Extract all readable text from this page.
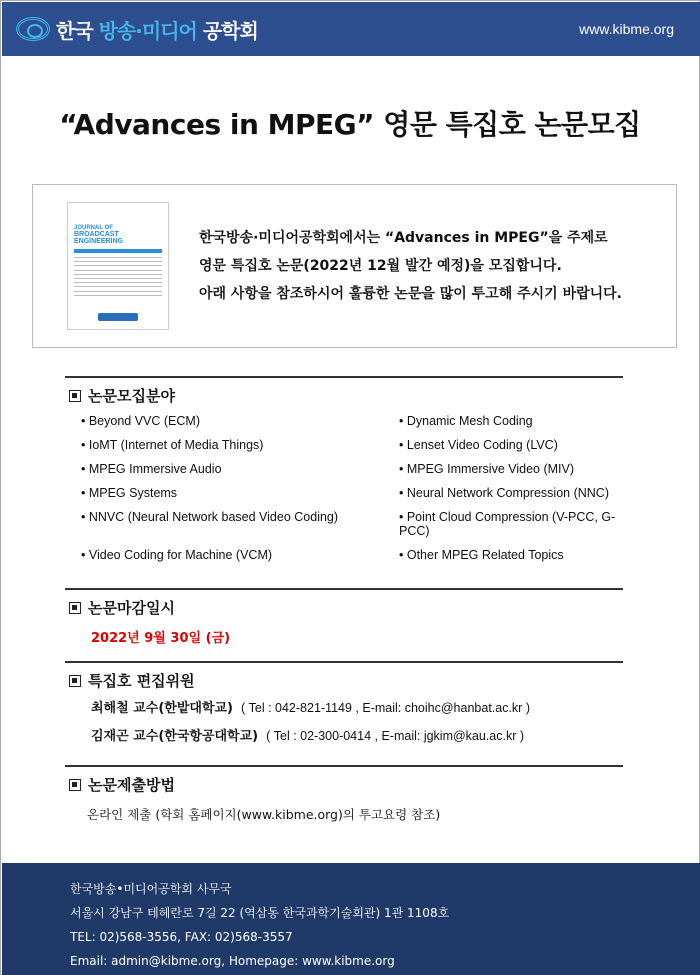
한국 방송·미디어 공학회	www.kibme.org
“Advances in MPEG” 영문 특집호 논문모집
JOURNAL OF
BROADCAST ENGINEERING	한국방송·미디어공학회에서는 “Advances in MPEG”을 주제로
영문 특집호 논문(2022년 12월 발간 예정)을 모집합니다.
아래 사항을 참조하시어 훌륭한 논문을 많이 투고해 주시기 바랍니다.
논문모집분야
• Beyond VVC (ECM)	• Dynamic Mesh Coding
• IoMT (Internet of Media Things)	• Lenset Video Coding (LVC)
• MPEG Immersive Audio	• MPEG Immersive Video (MIV)
• MPEG Systems	• Neural Network Compression (NNC)
• NNVC (Neural Network based Video Coding)	• Point Cloud Compression (V-PCC, G-PCC)
• Video Coding for Machine (VCM)	• Other MPEG Related Topics
논문마감일시
2022년 9월 30일 (금)
특집호 편집위원
최해철 교수(한밭대학교) ( Tel : 042-821-1149 , E-mail: choihc@hanbat.ac.kr )
김재곤 교수(한국항공대학교) ( Tel : 02-300-0414 , E-mail: jgkim@kau.ac.kr )
논문제출방법
온라인 제출 (학회 홈페이지(www.kibme.org)의 투고요령 참조)
한국방송•미디어공학회 사무국
서울시 강남구 테헤란로 7길 22 (역삼동 한국과학기술회관) 1관 1108호
TEL: 02)568-3556, FAX: 02)568-3557
Email: admin@kibme.org, Homepage: www.kibme.org
